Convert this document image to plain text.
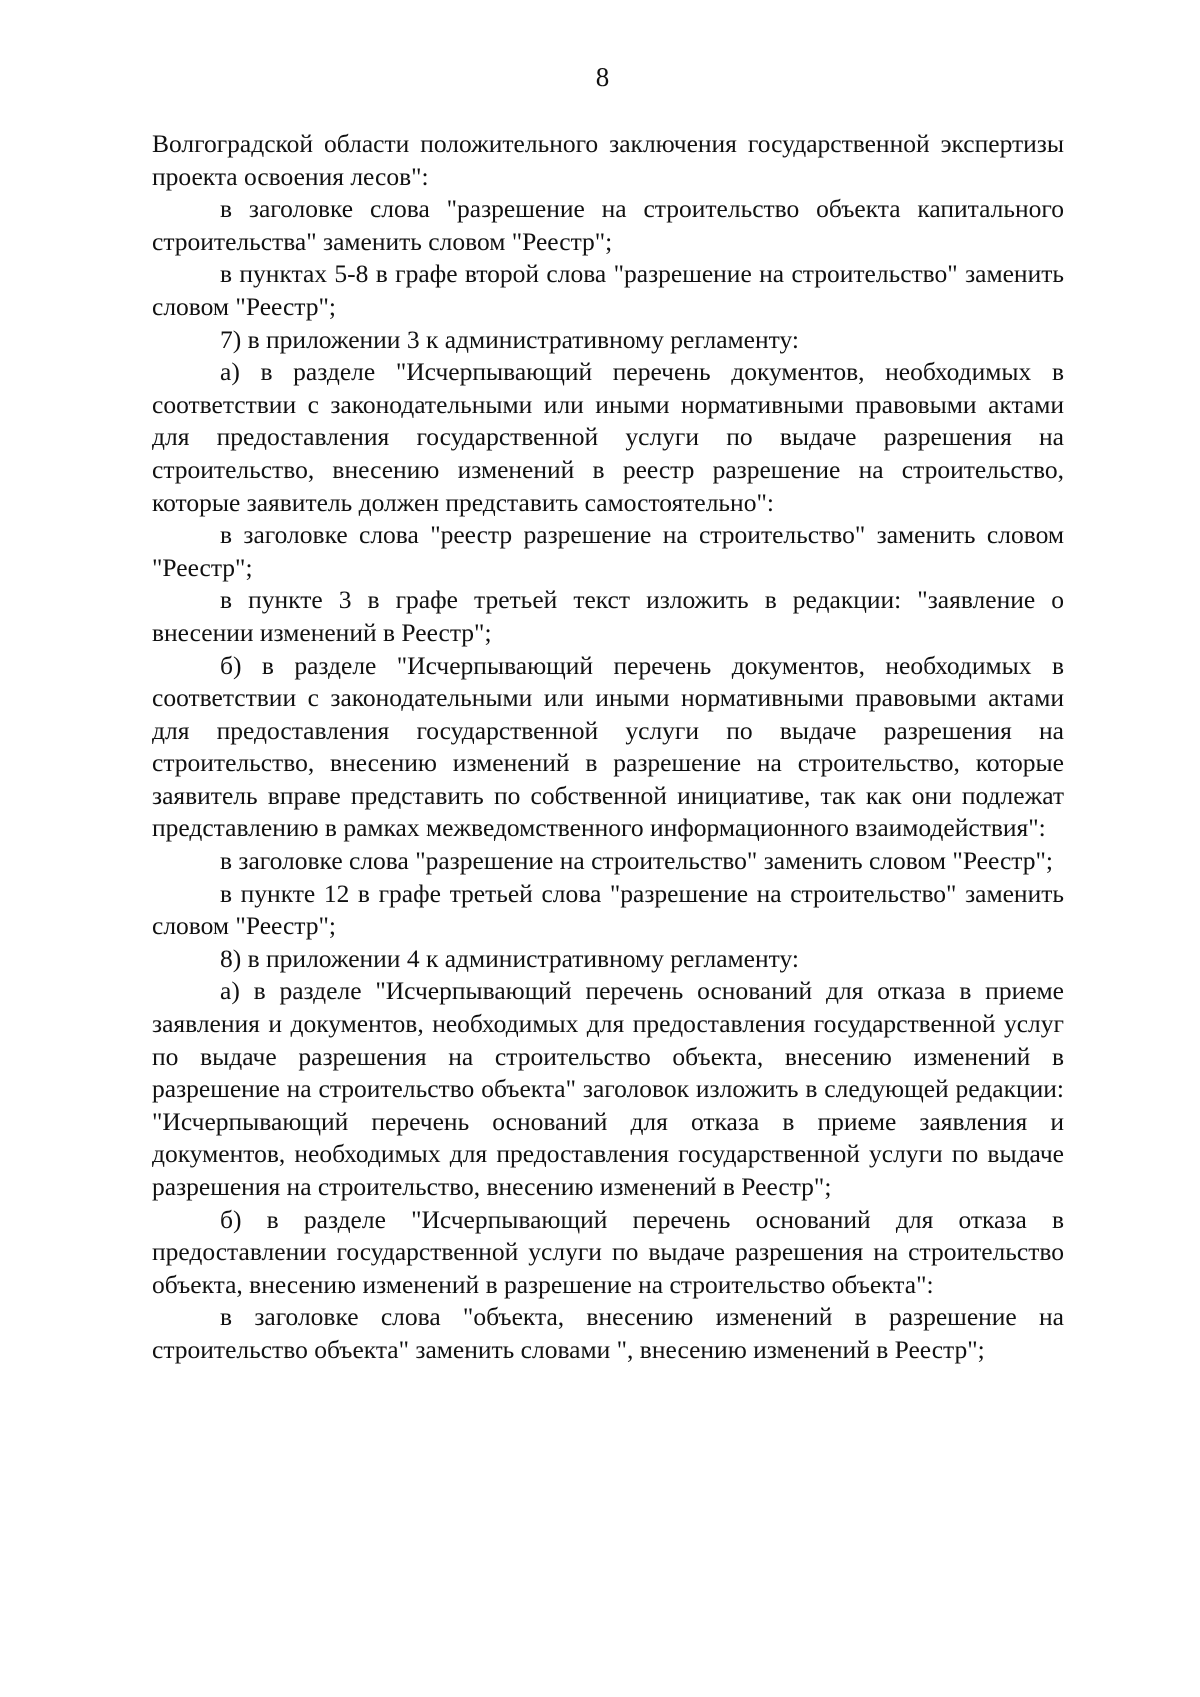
8

Волгоградской области положительного заключения государственной экспертизы проекта освоения лесов":

в заголовке слова "разрешение на строительство объекта капитального строительства" заменить словом "Реестр";

в пунктах 5-8 в графе второй слова "разрешение на строительство" заменить словом "Реестр";

7) в приложении 3 к административному регламенту:

а) в разделе "Исчерпывающий перечень документов, необходимых в соответствии с законодательными или иными нормативными правовыми актами для предоставления государственной услуги по выдаче разрешения на строительство, внесению изменений в реестр разрешение на строительство, которые заявитель должен представить самостоятельно":

в заголовке слова "реестр разрешение на строительство" заменить словом "Реестр";

в пункте 3 в графе третьей текст изложить в редакции: "заявление о внесении изменений в Реестр";

б) в разделе "Исчерпывающий перечень документов, необходимых в соответствии с законодательными или иными нормативными правовыми актами для предоставления государственной услуги по выдаче разрешения на строительство, внесению изменений в разрешение на строительство, которые заявитель вправе представить по собственной инициативе, так как они подлежат представлению в рамках межведомственного информационного взаимодействия":

в заголовке слова "разрешение на строительство" заменить словом "Реестр";

в пункте 12 в графе третьей слова "разрешение на строительство" заменить словом "Реестр";

8) в приложении 4 к административному регламенту:

а) в разделе "Исчерпывающий перечень оснований для отказа в приеме заявления и документов, необходимых для предоставления государственной услуг по выдаче разрешения на строительство объекта, внесению изменений в разрешение на строительство объекта" заголовок изложить в следующей редакции: "Исчерпывающий перечень оснований для отказа в приеме заявления и документов, необходимых для предоставления государственной услуги по выдаче разрешения на строительство, внесению изменений в Реестр";

б) в разделе "Исчерпывающий перечень оснований для отказа в предоставлении государственной услуги по выдаче разрешения на строительство объекта, внесению изменений в разрешение на строительство объекта":

в заголовке слова "объекта, внесению изменений в разрешение на строительство объекта" заменить словами ", внесению изменений в Реестр";
